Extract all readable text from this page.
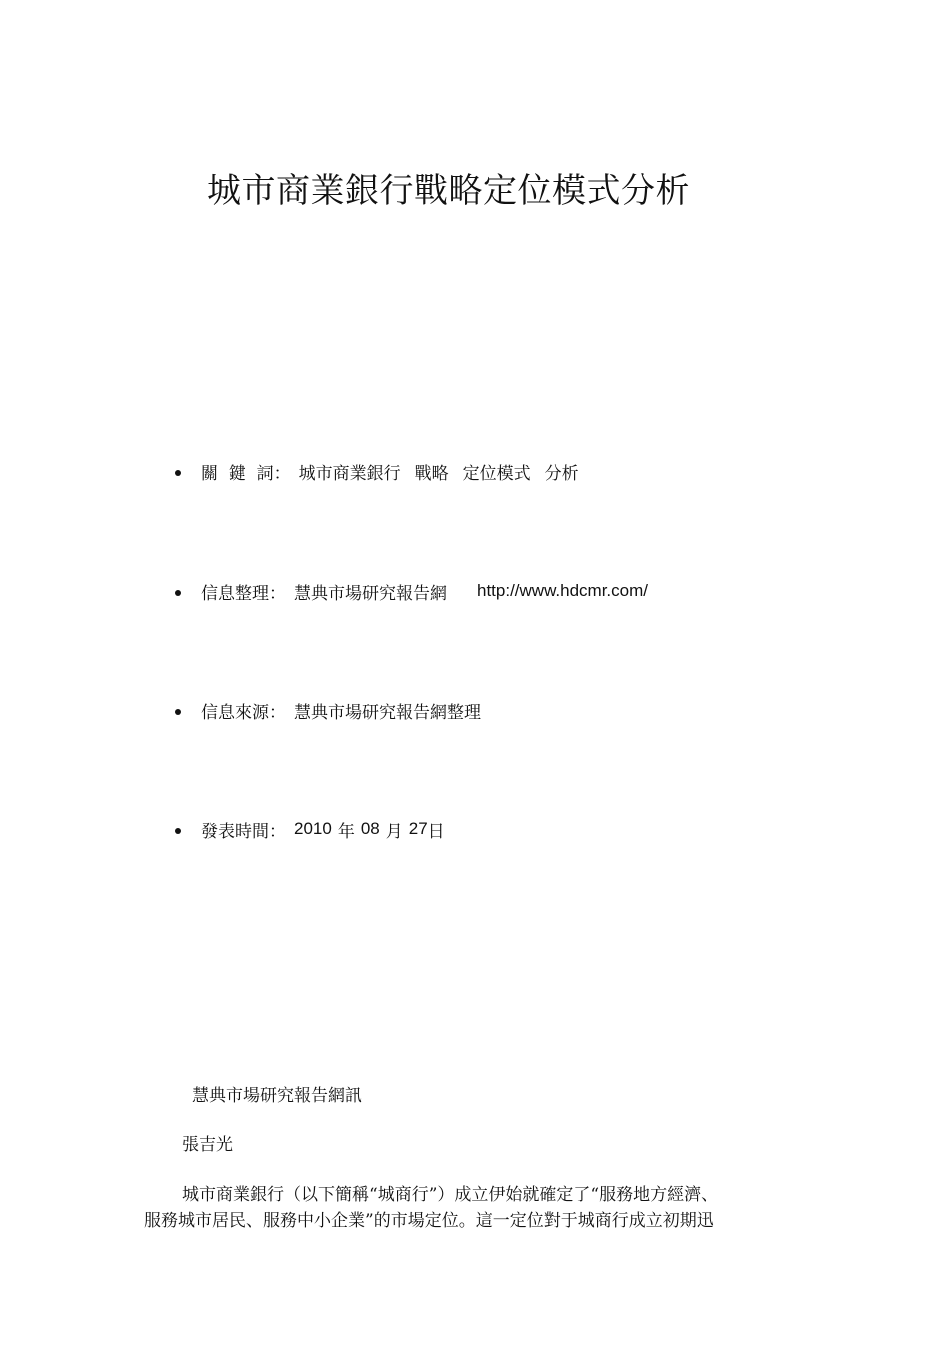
城市商業銀行戰略定位模式分析
關  鍵  詞： 城市商業銀行 戰略 定位模式 分析
信息整理： 慧典市場研究報告網 http://www.hdcmr.com/
信息來源： 慧典市場研究報告網整理
發表時間： 2010 年 08 月 27 日
慧典市場研究報告網訊
張吉光
城市商業銀行（以下簡稱“城商行”）成立伊始就確定了“服務地方經濟、
服務城市居民、服務中小企業”的市場定位。這一定位對于城商行成立初期迅
